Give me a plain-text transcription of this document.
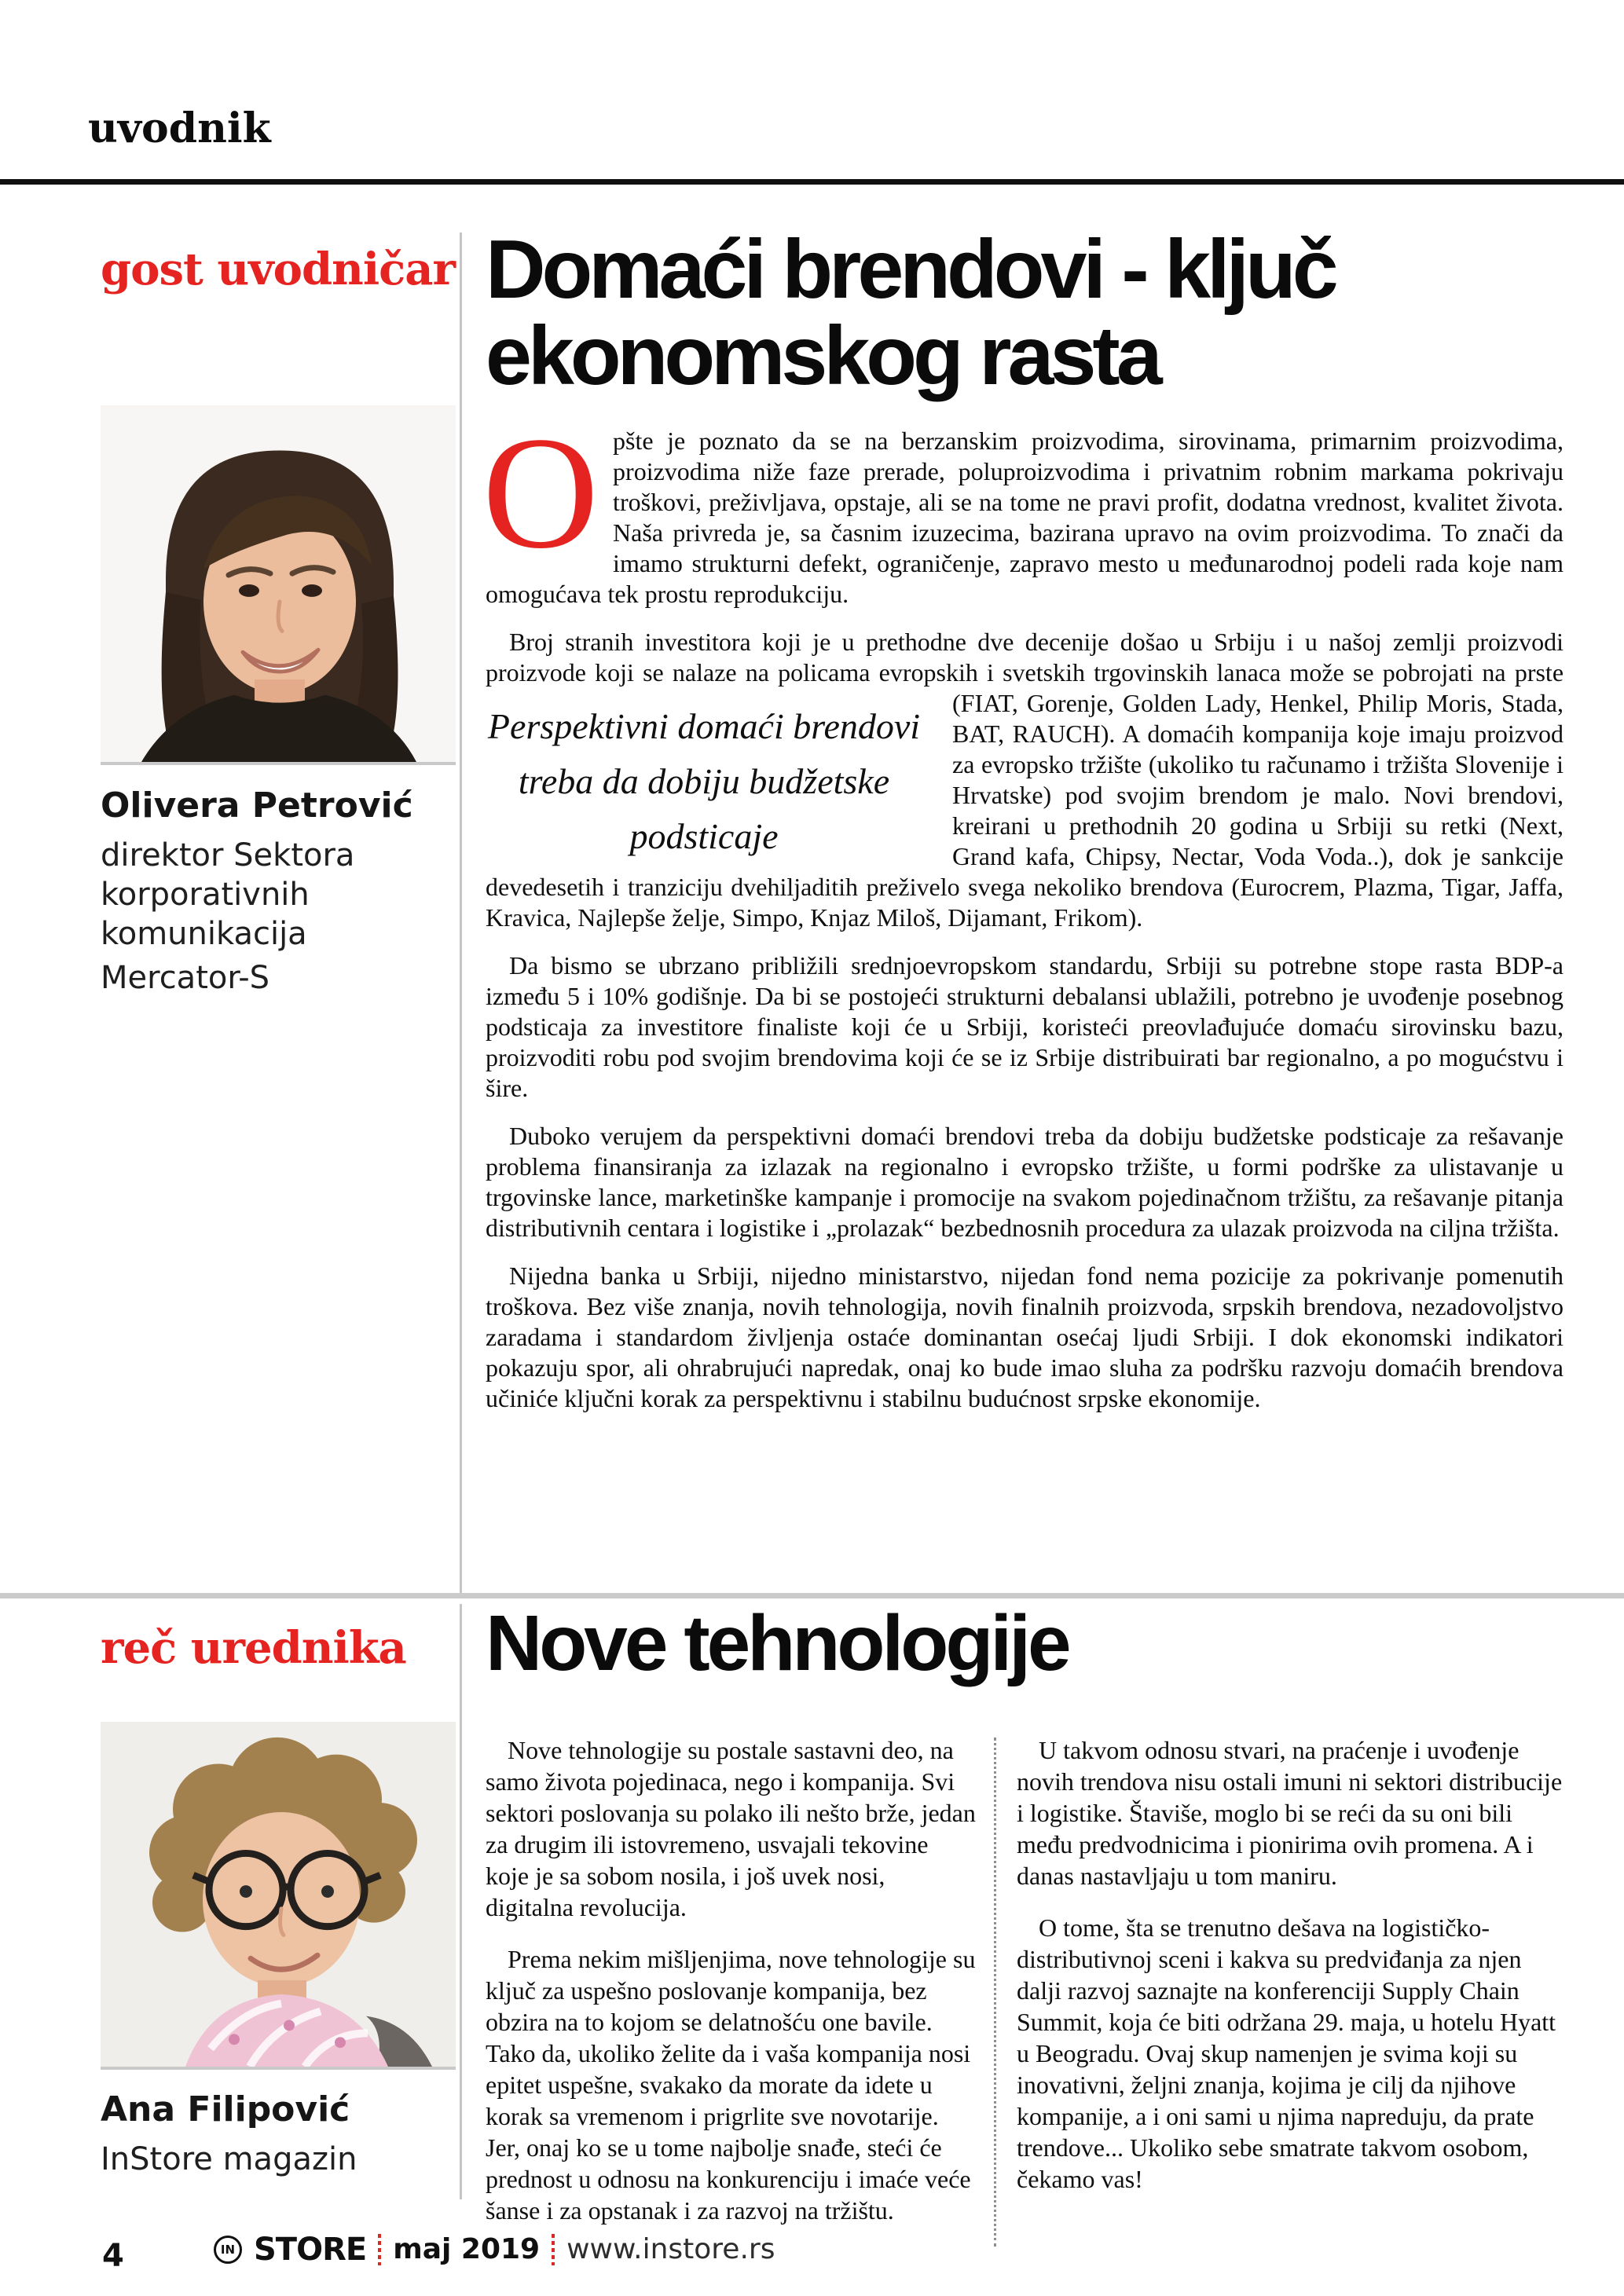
uvodnik
gost uvodničar
Olivera Petrović
direktor Sektora
korporativnih
komunikacija
Mercator-S
Domaći brendovi - ključ
ekonomskog rasta

Opšte je poznato da se na berzanskim proizvodima, sirovinama, primarnim proizvodima, proizvodima niže faze prerade, poluproizvodima i privatnim robnim markama pokrivaju troškovi, preživljava, opstaje, ali se na tome ne pravi profit, dodatna vrednost, kvalitet života. Naša privreda je, sa časnim izuzecima, bazirana upravo na ovim proizvodima. To znači da imamo strukturni defekt, ograničenje, zapravo mesto u međunarodnoj podeli rada koje nam omogućava tek prostu reprodukciju.

Broj stranih investitora koji je u prethodne dve decenije došao u Srbiju i u našoj zemlji proizvodi proizvode koji se nalaze na policama evropskih i svetskih trgovinskih lanaca
Perspektivni domaći brendovi treba da dobiju budžetske podsticaje
može se pobrojati na prste (FIAT, Gorenje, Golden Lady, Henkel, Philip Moris, Stada, BAT, RAUCH). A domaćih kompanija koje imaju proizvod za evropsko tržište (ukoliko tu računamo i tržišta Slovenije i Hrvatske) pod svojim brendom je malo. Novi brendovi, kreirani u prethodnih 20 godina u Srbiji su retki (Next, Grand kafa, Chipsy, Nectar, Voda Voda..), dok je sankcije devedesetih i tranziciju dvehiljaditih preživelo svega nekoliko brendova (Eurocrem, Plazma, Tigar, Jaffa, Kravica, Najlepše želje, Simpo, Knjaz Miloš, Dijamant, Frikom).

Da bismo se ubrzano približili srednjoevropskom standardu, Srbiji su potrebne stope rasta BDP-a između 5 i 10% godišnje. Da bi se postojeći strukturni debalansi ublažili, potrebno je uvođenje posebnog podsticaja za investitore finaliste koji će u Srbiji, koristeći preovlađujuće domaću sirovinsku bazu, proizvoditi robu pod svojim brendovima koji će se iz Srbije distribuirati bar regionalno, a po mogućstvu i šire.

Duboko verujem da perspektivni domaći brendovi treba da dobiju budžetske podsticaje za rešavanje problema finansiranja za izlazak na regionalno i evropsko tržište, u formi podrške za ulistavanje u trgovinske lance, marketinške kampanje i promocije na svakom pojedinačnom tržištu, za rešavanje pitanja distributivnih centara i logistike i „prolazak“ bezbednosnih procedura za ulazak proizvoda na ciljna tržišta.

Nijedna banka u Srbiji, nijedno ministarstvo, nijedan fond nema pozicije za pokrivanje pomenutih troškova. Bez više znanja, novih tehnologija, novih finalnih proizvoda, srpskih brendova, nezadovoljstvo zaradama i standardom življenja ostaće dominantan osećaj ljudi Srbiji. I dok ekonomski indikatori pokazuju spor, ali ohrabrujući napredak, onaj ko bude imao sluha za podršku razvoju domaćih brendova učiniće ključni korak za perspektivnu i stabilnu budućnost srpske ekonomije.

reč urednika
Ana Filipović
InStore magazin
Nove tehnologije

Nove tehnologije su postale sastavni deo, na samo života pojedinaca, nego i kompanija. Svi sektori poslovanja su polako ili nešto brže, jedan za drugim ili istovremeno, usvajali tekovine koje je sa sobom nosila, i još uvek nosi, digitalna revolucija.

Prema nekim mišljenjima, nove tehnologije su ključ za uspešno poslovanje kompanija, bez obzira na to kojom se delatnošću one bavile. Tako da, ukoliko želite da i vaša kompanija nosi epitet uspešne, svakako da morate da idete u korak sa vremenom i prigrlite sve novotarije. Jer, onaj ko se u tome najbolje snađe, steći će prednost u odnosu na konkurenciju i imaće veće šanse i za opstanak i za razvoj na tržištu.

U takvom odnosu stvari, na praćenje i uvođenje novih trendova nisu ostali imuni ni sektori distribucije i logistike. Štaviše, moglo bi se reći da su oni bili među predvodnicima i pionirima ovih promena. A i danas nastavljaju u tom maniru.

O tome, šta se trenutno dešava na logističko-distributivnoj sceni i kakva su predviđanja za njen dalji razvoj saznajte na konferenciji Supply Chain Summit, koja će biti održana 29. maja, u hotelu Hyatt u Beogradu. Ovaj skup namenjen je svima koji su inovativni, željni znanja, kojima je cilj da njihove kompanije, a i oni sami u njima napreduju, da prate trendove... Ukoliko sebe smatrate takvom osobom, čekamo vas!

4	IN STORE maj 2019 www.instore.rs
